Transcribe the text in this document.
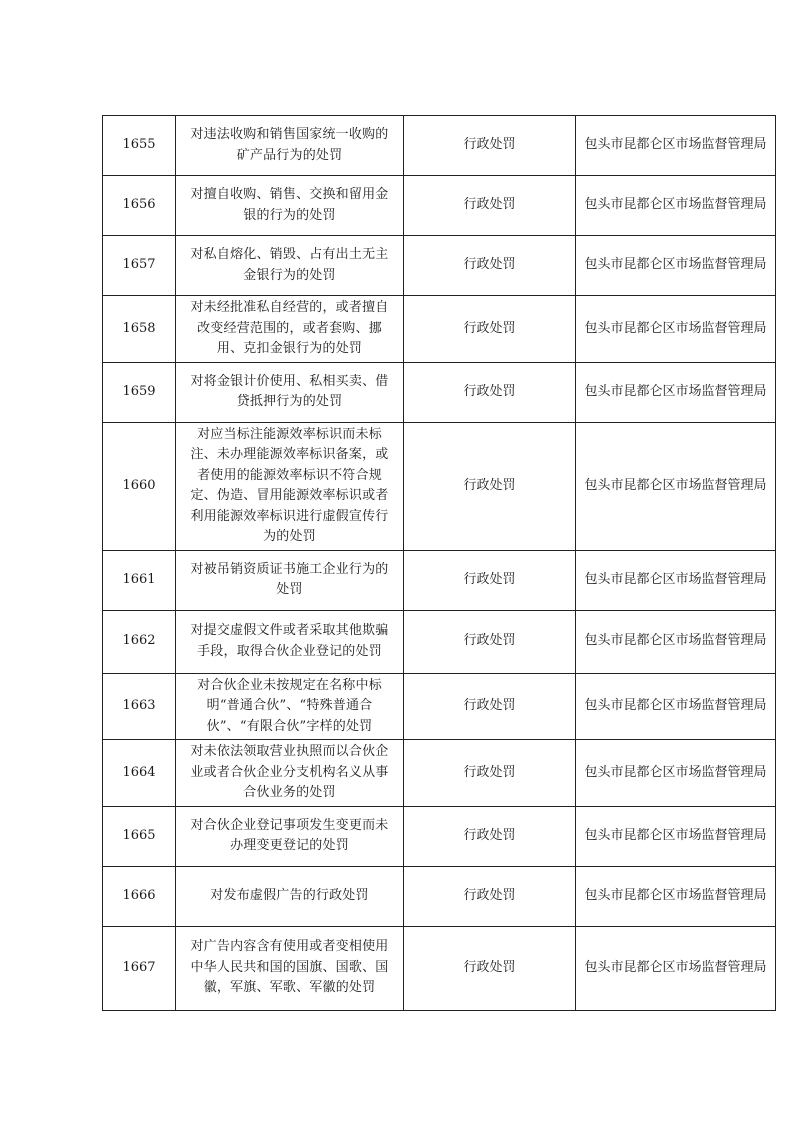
1655	对违法收购和销售国家统一收购的矿产品行为的处罚	行政处罚	包头市昆都仑区市场监督管理局
1656	对擅自收购、销售、交换和留用金银的行为的处罚	行政处罚	包头市昆都仑区市场监督管理局
1657	对私自熔化、销毁、占有出土无主金银行为的处罚	行政处罚	包头市昆都仑区市场监督管理局
1658	对未经批准私自经营的，或者擅自改变经营范围的，或者套购、挪用、克扣金银行为的处罚	行政处罚	包头市昆都仑区市场监督管理局
1659	对将金银计价使用、私相买卖、借贷抵押行为的处罚	行政处罚	包头市昆都仑区市场监督管理局
1660	对应当标注能源效率标识而未标注、未办理能源效率标识备案，或者使用的能源效率标识不符合规定、伪造、冒用能源效率标识或者利用能源效率标识进行虚假宣传行为的处罚	行政处罚	包头市昆都仑区市场监督管理局
1661	对被吊销资质证书施工企业行为的处罚	行政处罚	包头市昆都仑区市场监督管理局
1662	对提交虚假文件或者采取其他欺骗手段，取得合伙企业登记的处罚	行政处罚	包头市昆都仑区市场监督管理局
1663	对合伙企业未按规定在名称中标明“普通合伙”、“特殊普通合伙”、“有限合伙”字样的处罚	行政处罚	包头市昆都仑区市场监督管理局
1664	对未依法领取营业执照而以合伙企业或者合伙企业分支机构名义从事合伙业务的处罚	行政处罚	包头市昆都仑区市场监督管理局
1665	对合伙企业登记事项发生变更而未办理变更登记的处罚	行政处罚	包头市昆都仑区市场监督管理局
1666	对发布虚假广告的行政处罚	行政处罚	包头市昆都仑区市场监督管理局
1667	对广告内容含有使用或者变相使用中华人民共和国的国旗、国歌、国徽，军旗、军歌、军徽的处罚	行政处罚	包头市昆都仑区市场监督管理局
